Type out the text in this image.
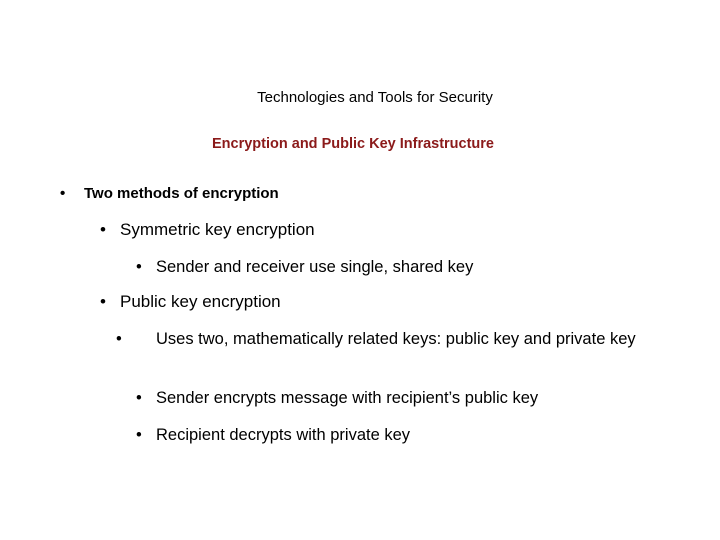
Technologies and Tools for Security
Encryption and Public Key Infrastructure
• Two methods of encryption
• Symmetric key encryption
• Sender and receiver use single, shared key
• Public key encryption
• Uses two, mathematically related keys: public key and private key
• Sender encrypts message with recipient’s public key
• Recipient decrypts with private key
